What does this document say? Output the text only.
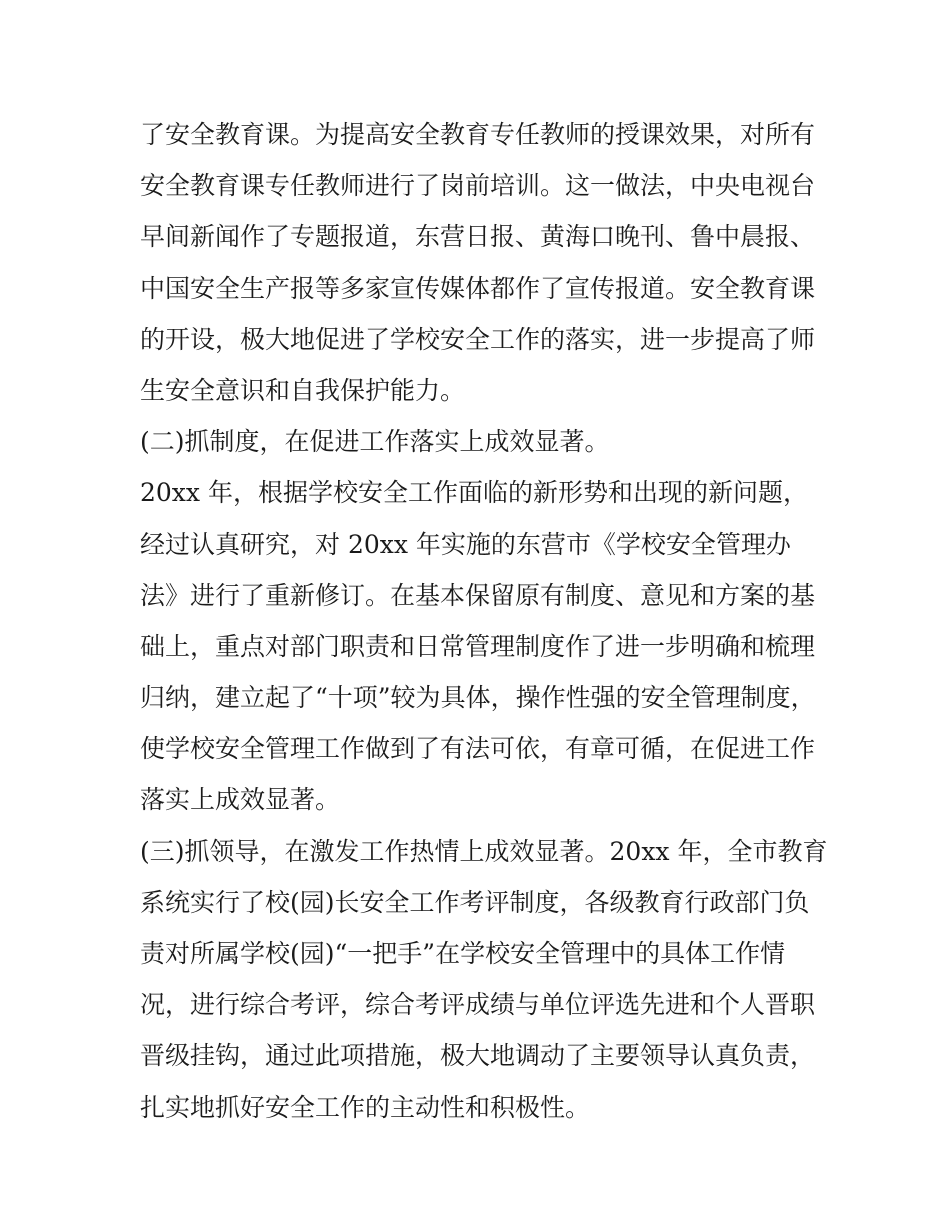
了安全教育课。为提高安全教育专任教师的授课效果，对所有
安全教育课专任教师进行了岗前培训。这一做法，中央电视台
早间新闻作了专题报道，东营日报、黄海口晚刊、鲁中晨报、
中国安全生产报等多家宣传媒体都作了宣传报道。安全教育课
的开设，极大地促进了学校安全工作的落实，进一步提高了师
生安全意识和自我保护能力。
(二)抓制度，在促进工作落实上成效显著。
20xx 年，根据学校安全工作面临的新形势和出现的新问题，
经过认真研究，对 20xx 年实施的东营市《学校安全管理办
法》进行了重新修订。在基本保留原有制度、意见和方案的基
础上，重点对部门职责和日常管理制度作了进一步明确和梳理
归纳，建立起了“十项”较为具体，操作性强的安全管理制度，
使学校安全管理工作做到了有法可依，有章可循，在促进工作
落实上成效显著。
(三)抓领导，在激发工作热情上成效显著。20xx 年，全市教育
系统实行了校(园)长安全工作考评制度，各级教育行政部门负
责对所属学校(园)“一把手”在学校安全管理中的具体工作情
况，进行综合考评，综合考评成绩与单位评选先进和个人晋职
晋级挂钩，通过此项措施，极大地调动了主要领导认真负责，
扎实地抓好安全工作的主动性和积极性。
